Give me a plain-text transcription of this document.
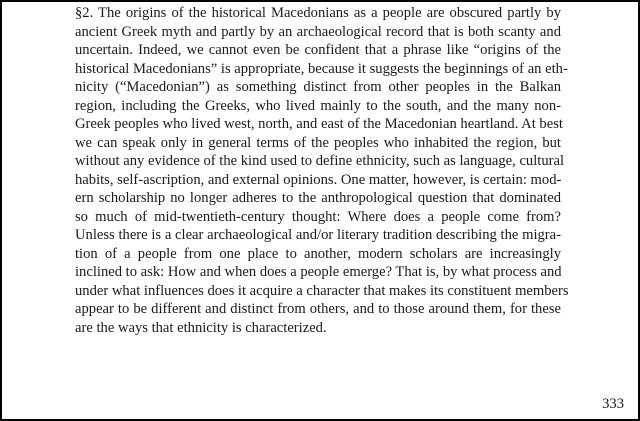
§2. The origins of the historical Macedonians as a people are obscured partly by
ancient Greek myth and partly by an archaeological record that is both scanty and
uncertain. Indeed, we cannot even be confident that a phrase like “origins of the
historical Macedonians” is appropriate, because it suggests the beginnings of an eth-
nicity (“Macedonian”) as something distinct from other peoples in the Balkan
region, including the Greeks, who lived mainly to the south, and the many non-
Greek peoples who lived west, north, and east of the Macedonian heartland. At best
we can speak only in general terms of the peoples who inhabited the region, but
without any evidence of the kind used to define ethnicity, such as language, cultural
habits, self-ascription, and external opinions. One matter, however, is certain: mod-
ern scholarship no longer adheres to the anthropological question that dominated
so much of mid-twentieth-century thought: Where does a people come from?
Unless there is a clear archaeological and/or literary tradition describing the migra-
tion of a people from one place to another, modern scholars are increasingly
inclined to ask: How and when does a people emerge? That is, by what process and
under what influences does it acquire a character that makes its constituent members
appear to be different and distinct from others, and to those around them, for these
are the ways that ethnicity is characterized.
333
